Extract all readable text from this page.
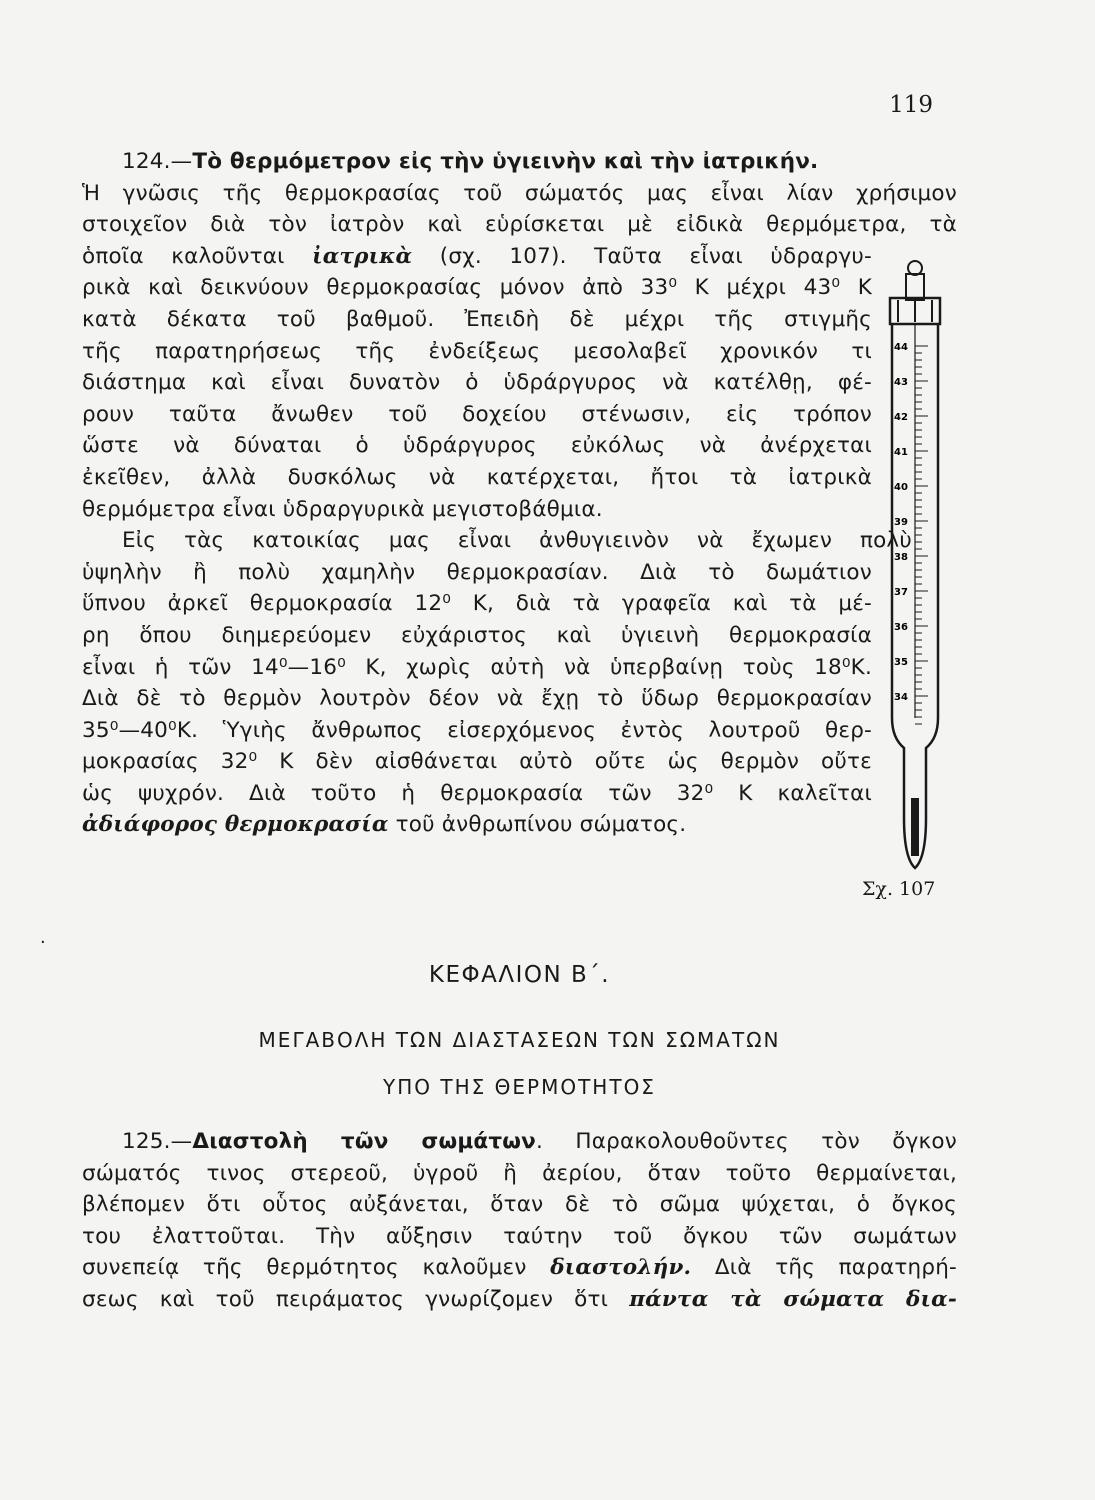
119
124.—Τὸ θερμόμετρον εἰς τὴν ὑγιεινὴν καὶ τὴν ἰατρικήν.
Ἡ γνῶσις τῆς θερμοκρασίας τοῦ σώματός μας εἶναι λίαν χρήσιμον
στοιχεῖον διὰ τὸν ἰατρὸν καὶ εὑρίσκεται μὲ εἰδικὰ θερμόμετρα, τὰ
ὁποῖα καλοῦνται ἰατρικὰ (σχ. 107). Ταῦτα εἶναι ὑδραργυ-
ρικὰ καὶ δεικνύουν θερμοκρασίας μόνον ἀπὸ 33⁰ Κ μέχρι 43⁰ Κ
κατὰ δέκατα τοῦ βαθμοῦ. Ἐπειδὴ δὲ μέχρι τῆς στιγμῆς
τῆς παρατηρήσεως τῆς ἐνδείξεως μεσολαβεῖ χρονικόν τι
διάστημα καὶ εἶναι δυνατὸν ὁ ὑδράργυρος νὰ κατέλθῃ, φέ-
ρουν ταῦτα ἄνωθεν τοῦ δοχείου στένωσιν, εἰς τρόπον
ὥστε νὰ δύναται ὁ ὑδράργυρος εὐκόλως νὰ ἀνέρχεται
ἐκεῖθεν, ἀλλὰ δυσκόλως νὰ κατέρχεται, ἤτοι τὰ ἰατρικὰ
θερμόμετρα εἶναι ὑδραργυρικὰ μεγιστοβάθμια.
Εἰς τὰς κατοικίας μας εἶναι ἀνθυγιεινὸν νὰ ἔχωμεν πολὺ
ὑψηλὴν ἢ πολὺ χαμηλὴν θερμοκρασίαν. Διὰ τὸ δωμάτιον
ὕπνου ἀρκεῖ θερμοκρασία 12⁰ Κ, διὰ τὰ γραφεῖα καὶ τὰ μέ-
ρη ὅπου διημερεύομεν εὐχάριστος καὶ ὑγιεινὴ θερμοκρασία
εἶναι ἡ τῶν 14⁰—16⁰ Κ, χωρὶς αὐτὴ νὰ ὑπερβαίνῃ τοὺς 18⁰Κ.
Διὰ δὲ τὸ θερμὸν λουτρὸν δέον νὰ ἔχῃ τὸ ὕδωρ θερμοκρασίαν
35⁰—40⁰Κ. Ὑγιὴς ἄνθρωπος εἰσερχόμενος ἐντὸς λουτροῦ θερ-
μοκρασίας 32⁰ Κ δὲν αἰσθάνεται αὐτὸ οὔτε ὡς θερμὸν οὔτε
ὡς ψυχρόν. Διὰ τοῦτο ἡ θερμοκρασία τῶν 32⁰ Κ καλεῖται
ἀδιάφορος θερμοκρασία τοῦ ἀνθρωπίνου σώματος.
44
43
42
41
40
39
38
37
36
35
34
Σχ. 107
·
ΚΕΦΑΛΙΟΝ Β΄.
ΜΕΓΑΒΟΛΗ ΤΩΝ ΔΙΑΣΤΑΣΕΩΝ ΤΩΝ ΣΩΜΑΤΩΝ
ΥΠΟ ΤΗΣ ΘΕΡΜΟΤΗΤΟΣ
125.—Διαστολὴ τῶν σωμάτων. Παρακολουθοῦντες τὸν ὄγκον
σώματός τινος στερεοῦ, ὑγροῦ ἢ ἀερίου, ὅταν τοῦτο θερμαίνεται,
βλέπομεν ὅτι οὗτος αὐξάνεται, ὅταν δὲ τὸ σῶμα ψύχεται, ὁ ὄγκος
του ἐλαττοῦται. Τὴν αὔξησιν ταύτην τοῦ ὄγκου τῶν σωμάτων
συνεπείᾳ τῆς θερμότητος καλοῦμεν διαστολήν. Διὰ τῆς παρατηρή-
σεως καὶ τοῦ πειράματος γνωρίζομεν ὅτι πάντα τὰ σώματα δια-
